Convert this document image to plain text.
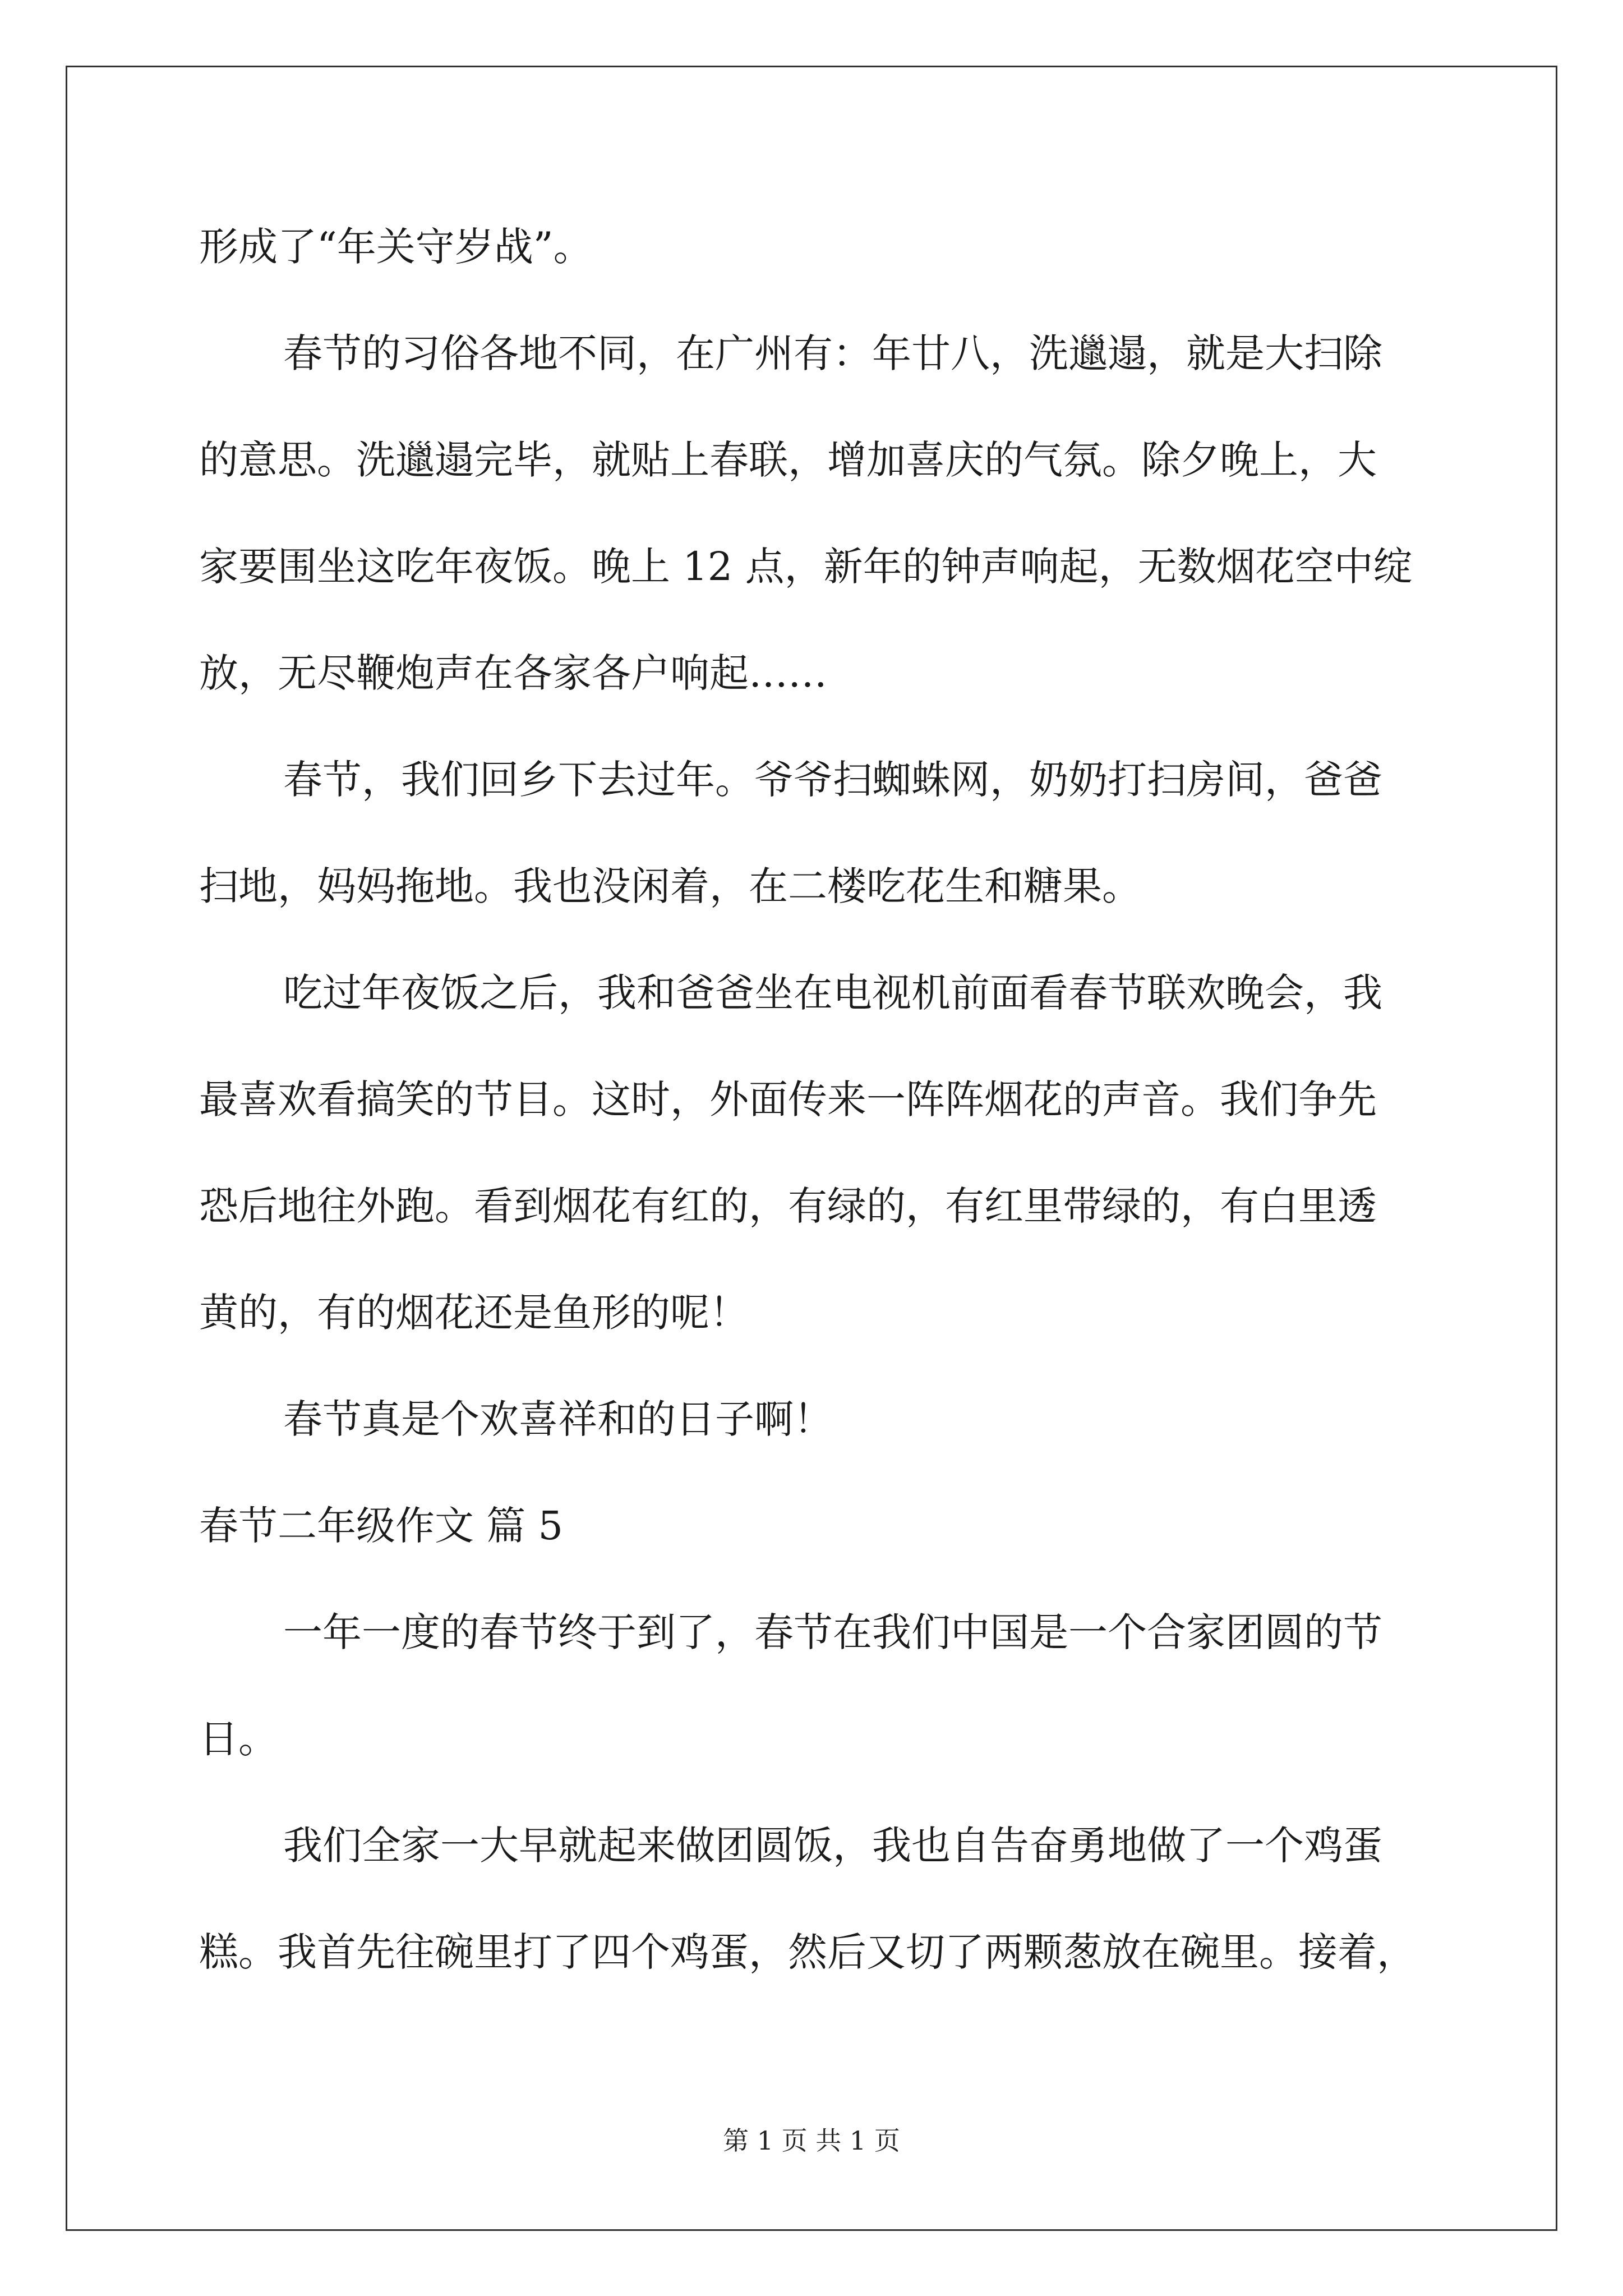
形成了“年关守岁战”。
春节的习俗各地不同，在广州有：年廿八，洗邋遢，就是大扫除
的意思。洗邋遢完毕，就贴上春联，增加喜庆的气氛。除夕晚上，大
家要围坐这吃年夜饭。晚上 12 点，新年的钟声响起，无数烟花空中绽
放，无尽鞭炮声在各家各户响起……
春节，我们回乡下去过年。爷爷扫蜘蛛网，奶奶打扫房间，爸爸
扫地，妈妈拖地。我也没闲着，在二楼吃花生和糖果。
吃过年夜饭之后，我和爸爸坐在电视机前面看春节联欢晚会，我
最喜欢看搞笑的节目。这时，外面传来一阵阵烟花的声音。我们争先
恐后地往外跑。看到烟花有红的，有绿的，有红里带绿的，有白里透
黄的，有的烟花还是鱼形的呢！
春节真是个欢喜祥和的日子啊！
春节二年级作文 篇 5
一年一度的春节终于到了，春节在我们中国是一个合家团圆的节
日。
我们全家一大早就起来做团圆饭，我也自告奋勇地做了一个鸡蛋
糕。我首先往碗里打了四个鸡蛋，然后又切了两颗葱放在碗里。接着，
第 1 页 共 1 页
